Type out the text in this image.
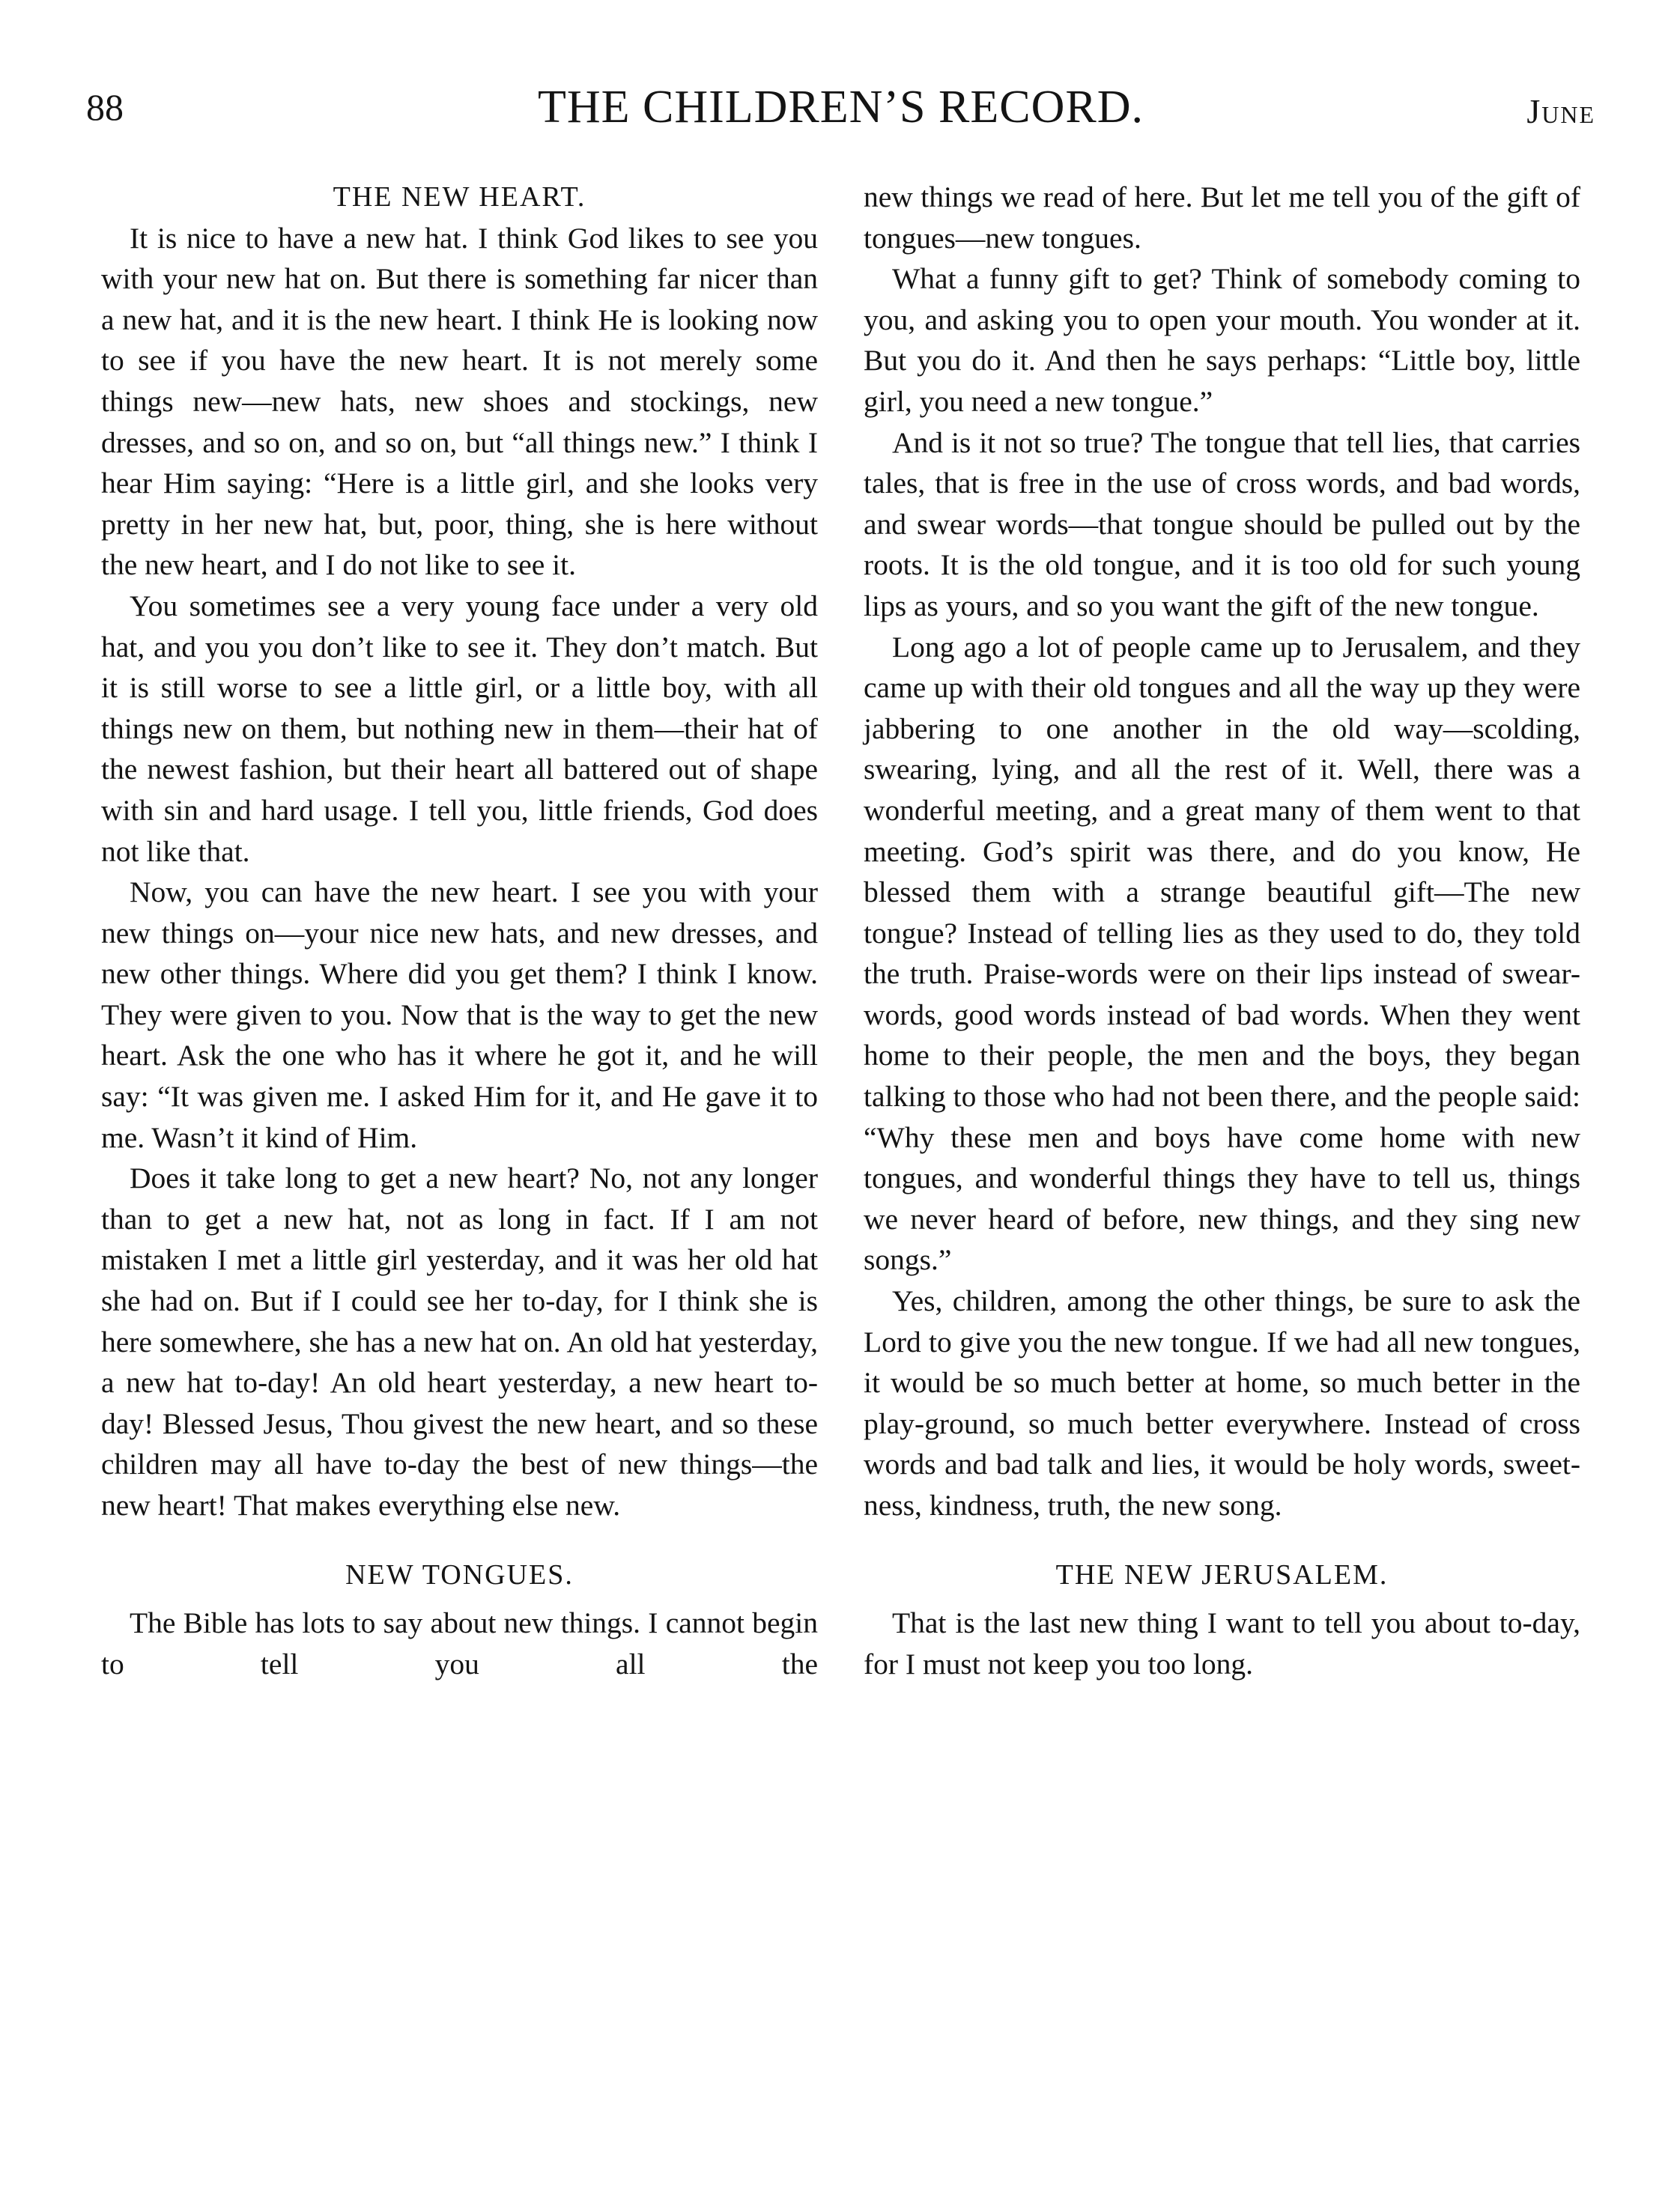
88	THE CHILDREN’S RECORD.	June
THE NEW HEART.

It is nice to have a new hat. I think God likes to see you with your new hat on. But there is something far nicer than a new hat, and it is the new heart. I think He is looking now to see if you have the new heart. It is not merely some things new—new hats, new shoes and stockings, new dresses, and so on, and so on, but “all things new.” I think I hear Him saying: “Here is a little girl, and she looks very pretty in her new hat, but, poor, thing, she is here without the new heart, and I do not like to see it.

You sometimes see a very young face under a very old hat, and you you don’t like to see it. They don’t match. But it is still worse to see a little girl, or a little boy, with all things new on them, but nothing new in them—their hat of the newest fashion, but their heart all battered out of shape with sin and hard usage. I tell you, little friends, God does not like that.

Now, you can have the new heart. I see you with your new things on—your nice new hats, and new dresses, and new other things. Where did you get them? I think I know. They were given to you. Now that is the way to get the new heart. Ask the one who has it where he got it, and he will say: “It was given me. I asked Him for it, and He gave it to me. Wasn’t it kind of Him.

Does it take long to get a new heart? No, not any longer than to get a new hat, not as long in fact. If I am not mistaken I met a little girl yesterday, and it was her old hat she had on. But if I could see her to-day, for I think she is here somewhere, she has a new hat on. An old hat yesterday, a new hat to-day! An old heart yesterday, a new heart to-day! Blessed Jesus, Thou givest the new heart, and so these children may all have to-day the best of new things—the new heart! That makes everything else new.

NEW TONGUES.

The Bible has lots to say about new things. I cannot begin to tell you all the

new things we read of here. But let me tell you of the gift of tongues—new tongues.

What a funny gift to get? Think of somebody coming to you, and asking you to open your mouth. You wonder at it. But you do it. And then he says perhaps: “Little boy, little girl, you need a new tongue.”

And is it not so true? The tongue that tell lies, that carries tales, that is free in the use of cross words, and bad words, and swear words—that tongue should be pulled out by the roots. It is the old tongue, and it is too old for such young lips as yours, and so you want the gift of the new tongue.

Long ago a lot of people came up to Jerusalem, and they came up with their old tongues and all the way up they were jabbering to one another in the old way—scolding, swearing, lying, and all the rest of it. Well, there was a wonderful meeting, and a great many of them went to that meeting. God’s spirit was there, and do you know, He blessed them with a strange beautiful gift—The new tongue? Instead of telling lies as they used to do, they told the truth. Praise-words were on their lips instead of swear-words, good words instead of bad words. When they went home to their people, the men and the boys, they began talking to those who had not been there, and the people said: “Why these men and boys have come home with new tongues, and wonderful things they have to tell us, things we never heard of before, new things, and they sing new songs.”

Yes, children, among the other things, be sure to ask the Lord to give you the new tongue. If we had all new tongues, it would be so much better at home, so much better in the play-ground, so much better everywhere. Instead of cross words and bad talk and lies, it would be holy words, sweetness, kindness, truth, the new song.

THE NEW JERUSALEM.

That is the last new thing I want to tell you about to-day, for I must not keep you too long.
